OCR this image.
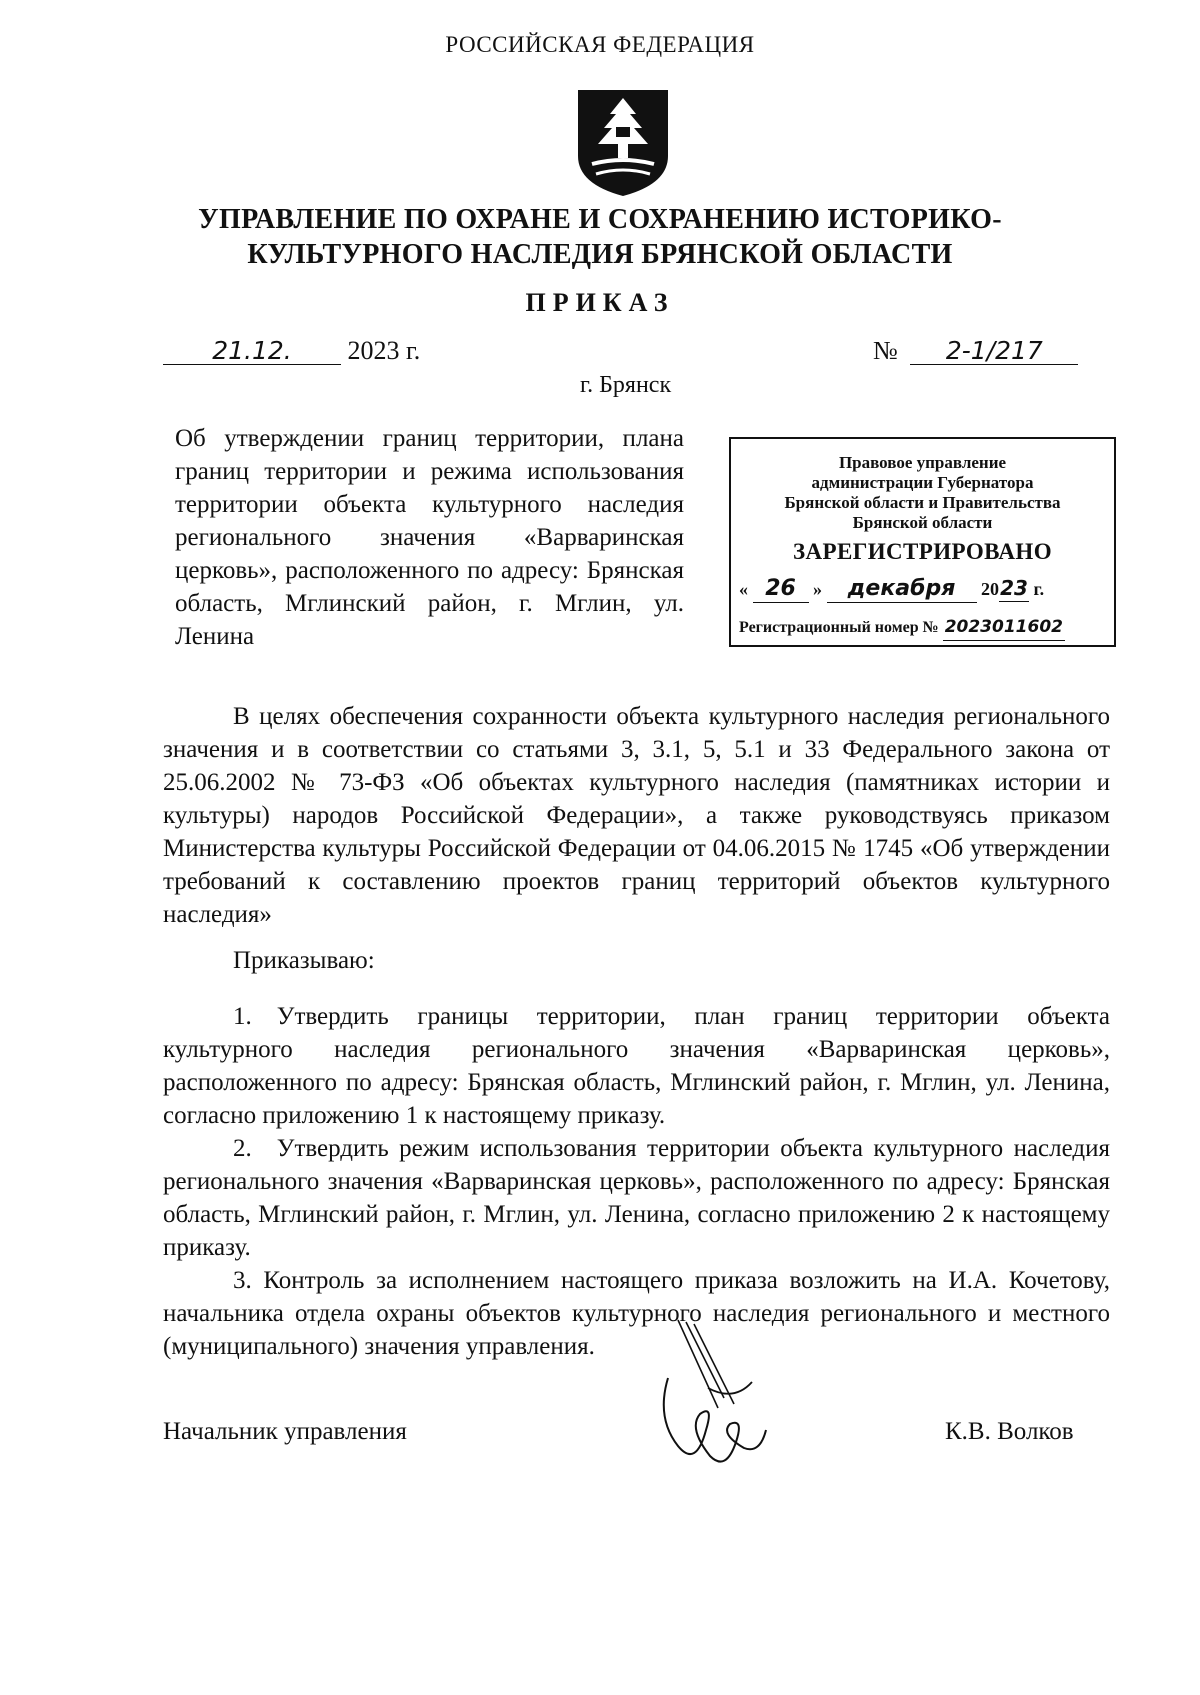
РОССИЙСКАЯ ФЕДЕРАЦИЯ
УПРАВЛЕНИЕ ПО ОХРАНЕ И СОХРАНЕНИЮ ИСТОРИКО-
КУЛЬТУРНОГО НАСЛЕДИЯ БРЯНСКОЙ ОБЛАСТИ
ПРИКАЗ
21.12. 2023 г.	№ 2-1/217
г. Брянск
Об утверждении границ территории, плана границ территории и режима использования территории объекта культурного наследия регионального значения «Варваринская церковь», расположенного по адресу: Брянская область, Мглинский район, г. Мглин, ул. Ленина
Правовое управление
администрации Губернатора
Брянской области и Правительства
Брянской области
ЗАРЕГИСТРИРОВАНО
« 26 » декабря 2023 г.
Регистрационный номер № 2023011602
В целях обеспечения сохранности объекта культурного наследия регионального значения и в соответствии со статьями 3, 3.1, 5, 5.1 и 33 Федерального закона от 25.06.2002 № 73-ФЗ «Об объектах культурного наследия (памятниках истории и культуры) народов Российской Федерации», а также руководствуясь приказом Министерства культуры Российской Федерации от 04.06.2015 № 1745 «Об утверждении требований к составлению проектов границ территорий объектов культурного наследия»
Приказываю:
1. Утвердить границы территории, план границ территории объекта культурного наследия регионального значения «Варваринская церковь», расположенного по адресу: Брянская область, Мглинский район, г. Мглин, ул. Ленина, согласно приложению 1 к настоящему приказу.
2. Утвердить режим использования территории объекта культурного наследия регионального значения «Варваринская церковь», расположенного по адресу: Брянская область, Мглинский район, г. Мглин, ул. Ленина, согласно приложению 2 к настоящему приказу.
3. Контроль за исполнением настоящего приказа возложить на И.А. Кочетову, начальника отдела охраны объектов культурного наследия регионального и местного (муниципального) значения управления.
Начальник управления	К.В. Волков
